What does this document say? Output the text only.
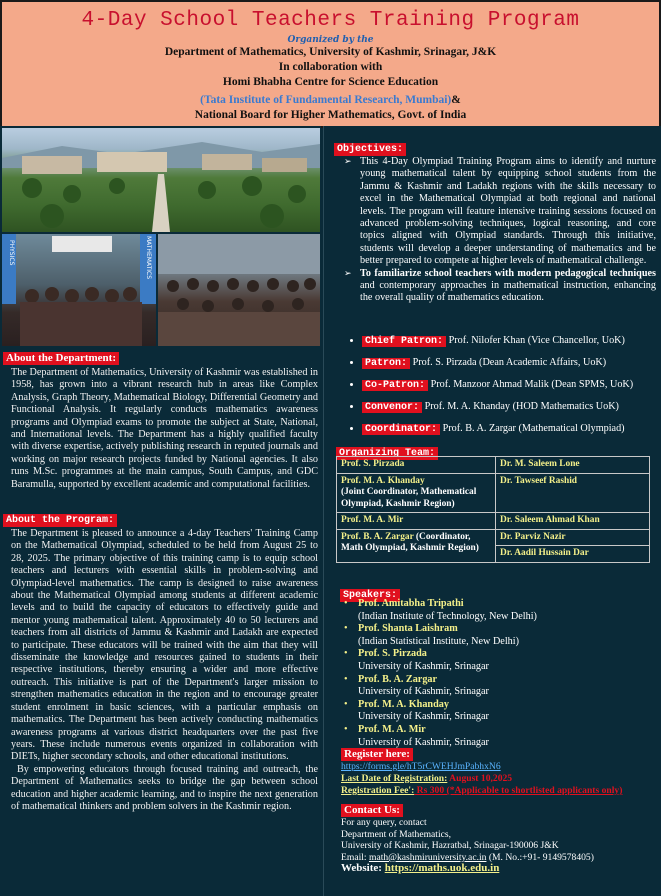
4-Day School Teachers Training Program
Organized by the
Department of Mathematics, University of Kashmir, Srinagar, J&K
In collaboration with
Homi Bhabha Centre for Science Education
(Tata Institute of Fundamental Research, Mumbai)&
National Board for Higher Mathematics, Govt. of India
About the Department:
The Department of Mathematics, University of Kashmir was established in 1958, has grown into a vibrant research hub in areas like Complex Analysis, Graph Theory, Mathematical Biology, Differential Geometry and Functional Analysis. It regularly conducts mathematics awareness programs and Olympiad exams to promote the subject at State, National, and International levels. The Department has a highly qualified faculty with diverse expertise, actively publishing research in reputed journals and working on major research projects funded by National agencies. It also runs M.Sc. programmes at the main campus, South Campus, and GDC Baramulla, supported by excellent academic and computational facilities.
About the Program:
The Department is pleased to announce a 4-day Teachers' Training Camp on the Mathematical Olympiad, scheduled to be held from August 25 to 28, 2025. The primary objective of this training camp is to equip school teachers and lecturers with essential skills in problem-solving and Olympiad-level mathematics. The camp is designed to raise awareness about the Mathematical Olympiad among students at different academic levels and to build the capacity of educators to effectively guide and mentor young mathematical talent. Approximately 40 to 50 lecturers and teachers from all districts of Jammu & Kashmir and Ladakh are expected to participate. These educators will be trained with the aim that they will disseminate the knowledge and resources gained to students in their respective institutions, thereby ensuring a wider and more effective outreach. This initiative is part of the Department's larger mission to strengthen mathematics education in the region and to encourage greater student enrolment in basic sciences, with a particular emphasis on mathematics. The Department has been actively conducting mathematics awareness programs at various district headquarters over the past five years. These include numerous events organized in collaboration with DIETs, higher secondary schools, and other educational institutions.
By empowering educators through focused training and outreach, the Department of Mathematics seeks to bridge the gap between school education and higher academic learning, and to inspire the next generation of mathematical thinkers and problem solvers in the Kashmir region.
Objectives:
➢ This 4-Day Olympiad Training Program aims to identify and nurture young mathematical talent by equipping school students from the Jammu & Kashmir and Ladakh regions with the skills necessary to excel in the Mathematical Olympiad at both regional and national levels. The program will feature intensive training sessions focused on advanced problem-solving techniques, logical reasoning, and core topics aligned with Olympiad standards. Through this initiative, students will develop a deeper understanding of mathematics and be better prepared to compete at higher levels of mathematical challenge.
➢ To familiarize school teachers with modern pedagogical techniques and contemporary approaches in mathematical instruction, enhancing the overall quality of mathematics education.
• Chief Patron: Prof. Nilofer Khan (Vice Chancellor, UoK)
• Patron: Prof. S. Pirzada (Dean Academic Affairs, UoK)
• Co-Patron: Prof. Manzoor Ahmad Malik (Dean SPMS, UoK)
• Convenor: Prof. M. A. Khanday (HOD Mathematics UoK)
• Coordinator: Prof. B. A. Zargar (Mathematical Olympiad)
Organizing Team:
Prof. S. Pirzada	Dr. M. Saleem Lone
Prof. M. A. Khanday
(Joint Coordinator, Mathematical Olympiad, Kashmir Region)	Dr. Tawseef Rashid
Prof. M. A. Mir	Dr. Saleem Ahmad Khan
Prof. B. A. Zargar (Coordinator, Math Olympiad, Kashmir Region)	Dr. Parviz Nazir
	Dr. Aadil Hussain Dar
Speakers:
• Prof. Amitabha Tripathi
(Indian Institute of Technology, New Delhi)
• Prof. Shanta Laishram
(Indian Statistical Institute, New Delhi)
• Prof. S. Pirzada
University of Kashmir, Srinagar
• Prof. B. A. Zargar
University of Kashmir, Srinagar
• Prof. M. A. Khanday
University of Kashmir, Srinagar
• Prof. M. A. Mir
University of Kashmir, Srinagar
Register here:
https://forms.gle/hT5rCWEHJmPabhxN6
Last Date of Registration: August 10,2025
Registration Fee': Rs 300 (*Applicable to shortlisted applicants only)
Contact Us:
For any query, contact
Department of Mathematics,
University of Kashmir, Hazratbal, Srinagar-190006 J&K
Email: math@kashmiruniversity.ac.in (M. No.:+91- 9149578405)
Website: https://maths.uok.edu.in
PHYSICS	MATHEMATICS
